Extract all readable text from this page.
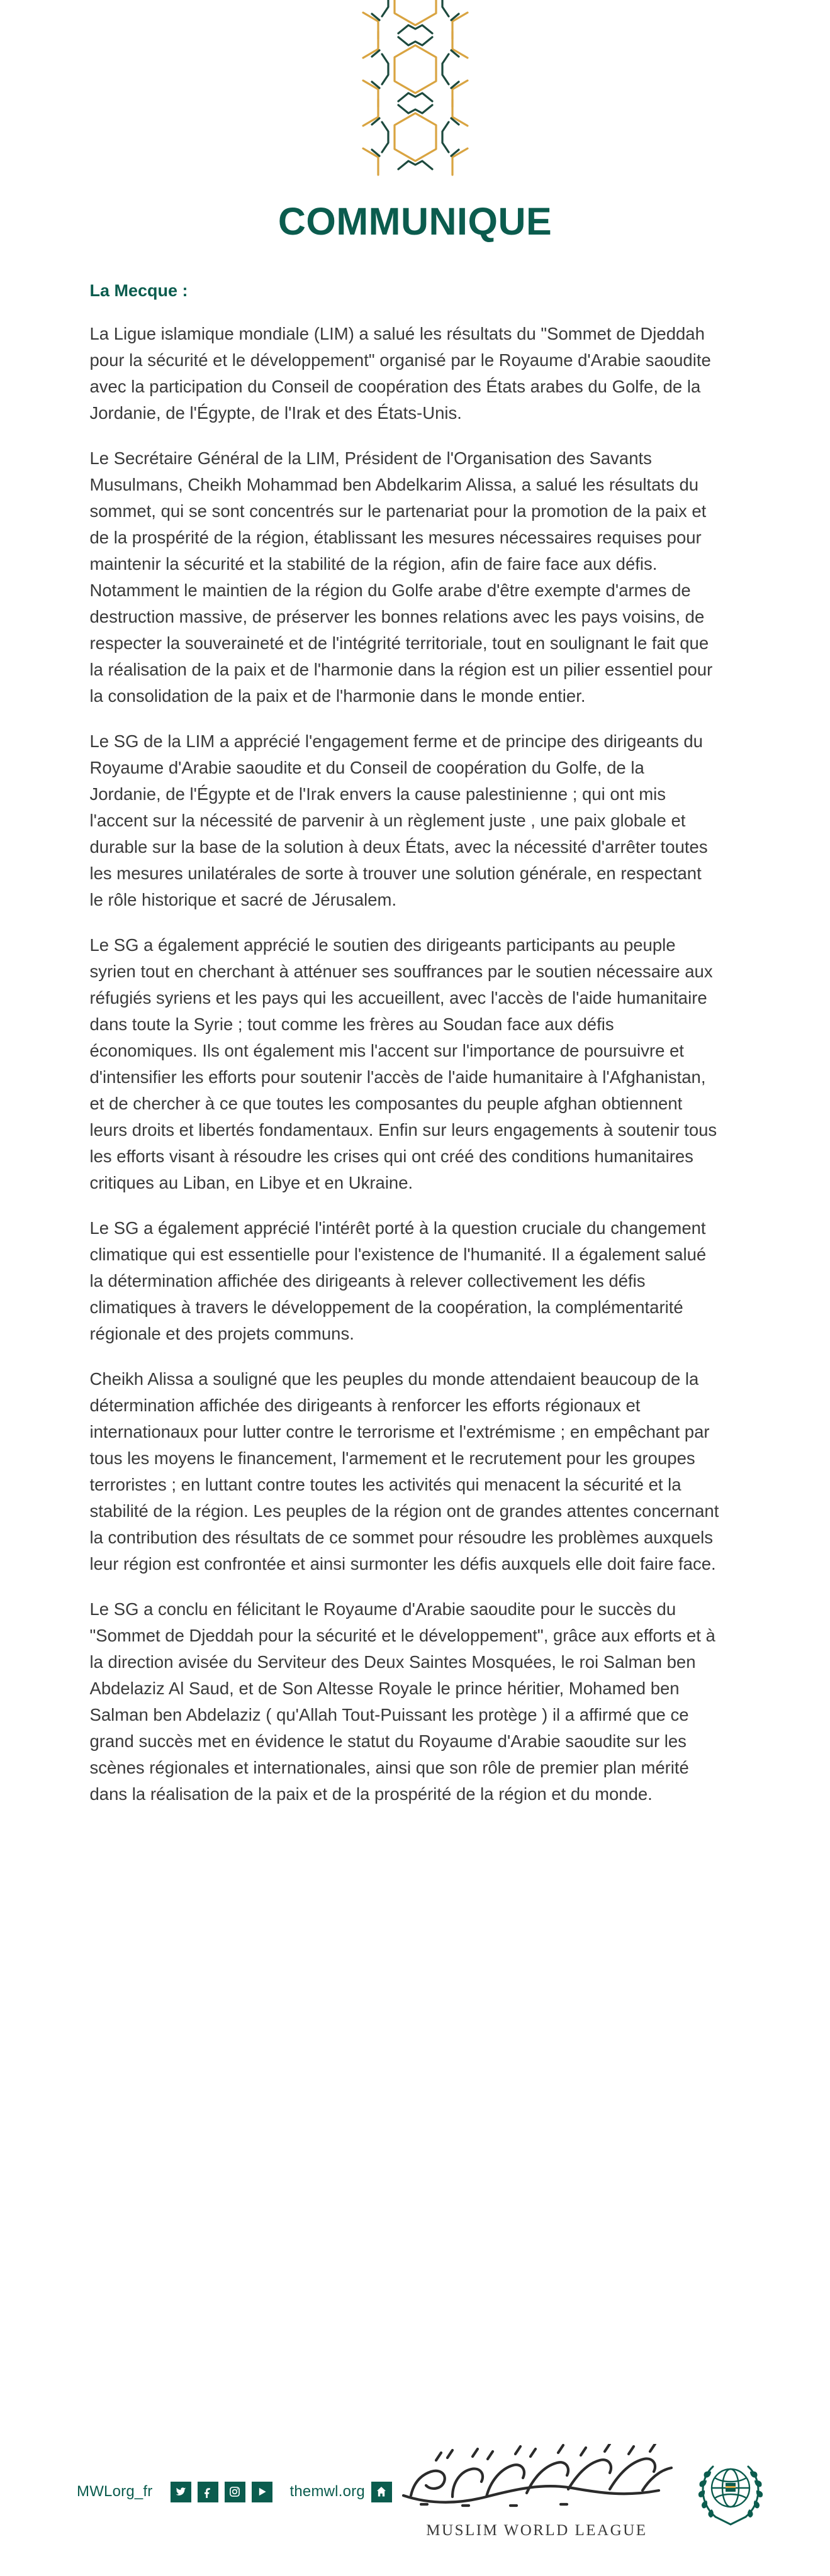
COMMUNIQUE
La Mecque :

La Ligue islamique mondiale (LIM) a salué les résultats du "Sommet de Djeddah pour la sécurité et le développement" organisé par le Royaume d'Arabie saoudite avec la participation du Conseil de coopération des États arabes du Golfe, de la Jordanie, de l'Égypte, de l'Irak et des États-Unis.

Le Secrétaire Général de la LIM, Président de l'Organisation des Savants Musulmans, Cheikh Mohammad ben Abdelkarim Alissa, a salué les résultats du sommet, qui se sont concentrés sur le partenariat pour la promotion de la paix et de la prospérité de la région, établissant les mesures nécessaires requises pour maintenir la sécurité et la stabilité de la région, afin de faire face aux défis. Notamment le maintien de la région du Golfe arabe d'être exempte d'armes de destruction massive, de préserver les bonnes relations avec les pays voisins, de respecter la souveraineté et de l'intégrité territoriale, tout en soulignant le fait que la réalisation de la paix et de l'harmonie dans la région est un pilier essentiel pour la consolidation de la paix et de l'harmonie dans le monde entier.

Le SG de la LIM a apprécié l'engagement ferme et de principe des dirigeants du Royaume d'Arabie saoudite et du Conseil de coopération du Golfe, de la Jordanie, de l'Égypte et de l'Irak envers la cause palestinienne ; qui ont mis l'accent sur la nécessité de parvenir à un règlement juste , une paix globale et durable sur la base de la solution à deux États, avec la nécessité d'arrêter toutes les mesures unilatérales de sorte à trouver une solution générale, en respectant le rôle historique et sacré de Jérusalem.

Le SG a également apprécié le soutien des dirigeants participants au peuple syrien tout en cherchant à atténuer ses souffrances par le soutien nécessaire aux réfugiés syriens et les pays qui les accueillent, avec l'accès de l'aide humanitaire dans toute la Syrie ; tout comme les frères au Soudan face aux défis économiques. Ils ont également mis l'accent sur l'importance de poursuivre et d'intensifier les efforts pour soutenir l'accès de l'aide humanitaire à l'Afghanistan, et de chercher à ce que toutes les composantes du peuple afghan obtiennent leurs droits et libertés fondamentaux. Enfin sur leurs engagements à soutenir tous les efforts visant à résoudre les crises qui ont créé des conditions humanitaires critiques au Liban, en Libye et en Ukraine.

Le SG a également apprécié l'intérêt porté à la question cruciale du changement climatique qui est essentielle pour l'existence de l'humanité. Il a également salué la détermination affichée des dirigeants à relever collectivement les défis climatiques à travers le développement de la coopération, la complémentarité régionale et des projets communs.

Cheikh Alissa a souligné que les peuples du monde attendaient beaucoup de la détermination affichée des dirigeants à renforcer les efforts régionaux et internationaux pour lutter contre le terrorisme et l'extrémisme ; en empêchant par tous les moyens le financement, l'armement et le recrutement pour les groupes terroristes ; en luttant contre toutes les activités qui menacent la sécurité et la stabilité de la région. Les peuples de la région ont de grandes attentes concernant la contribution des résultats de ce sommet pour résoudre les problèmes auxquels leur région est confrontée et ainsi surmonter les défis auxquels elle doit faire face.

Le SG a conclu en félicitant le Royaume d'Arabie saoudite pour le succès du "Sommet de Djeddah pour la sécurité et le développement", grâce aux efforts et à la direction avisée du Serviteur des Deux Saintes Mosquées, le roi Salman ben Abdelaziz Al Saud, et de Son Altesse Royale le prince héritier, Mohamed ben Salman ben Abdelaziz ( qu'Allah Tout-Puissant les protège ) il a affirmé que ce grand succès met en évidence le statut du Royaume d'Arabie saoudite sur les scènes régionales et internationales, ainsi que son rôle de premier plan mérité dans la réalisation de la paix et de la prospérité de la région et du monde.

MWLorg_fr	themwl.org
MUSLIM WORLD LEAGUE
